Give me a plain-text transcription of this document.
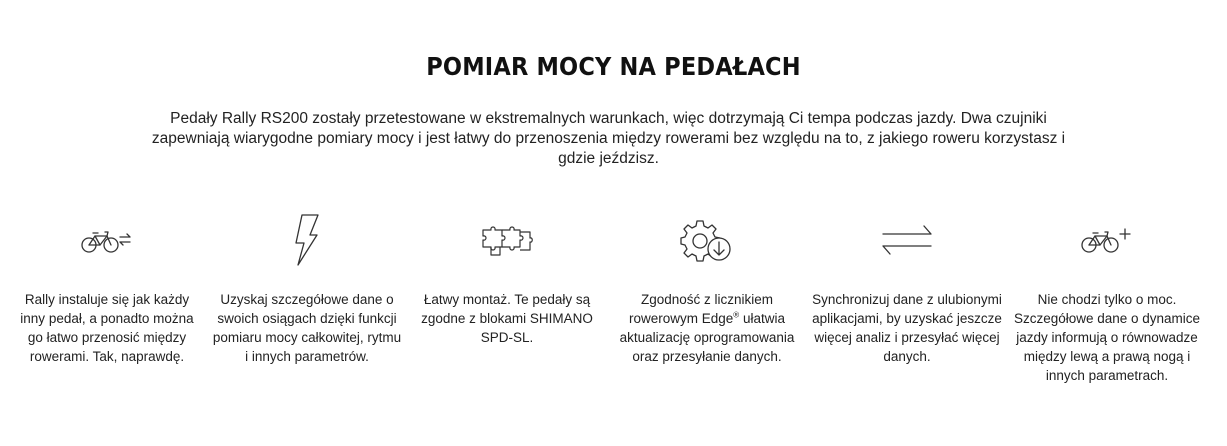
POMIAR MOCY NA PEDAŁACH

Pedały Rally RS200 zostały przetestowane w ekstremalnych warunkach, więc dotrzymają Ci tempa podczas jazdy. Dwa czujniki zapewniają wiarygodne pomiary mocy i jest łatwy do przenoszenia między rowerami bez względu na to, z jakiego roweru korzystasz i gdzie jeździsz.

Rally instaluje się jak każdy inny pedał, a ponadto można go łatwo przenosić między rowerami. Tak, naprawdę.

Uzyskaj szczegółowe dane o swoich osiągach dzięki funkcji pomiaru mocy całkowitej, rytmu i innych parametrów.

Łatwy montaż. Te pedały są zgodne z blokami SHIMANO SPD-SL.

Zgodność z licznikiem rowerowym Edge® ułatwia aktualizację oprogramowania oraz przesyłanie danych.

Synchronizuj dane z ulubionymi aplikacjami, by uzyskać jeszcze więcej analiz i przesyłać więcej danych.

Nie chodzi tylko o moc. Szczegółowe dane o dynamice jazdy informują o równowadze między lewą a prawą nogą i innych parametrach.
